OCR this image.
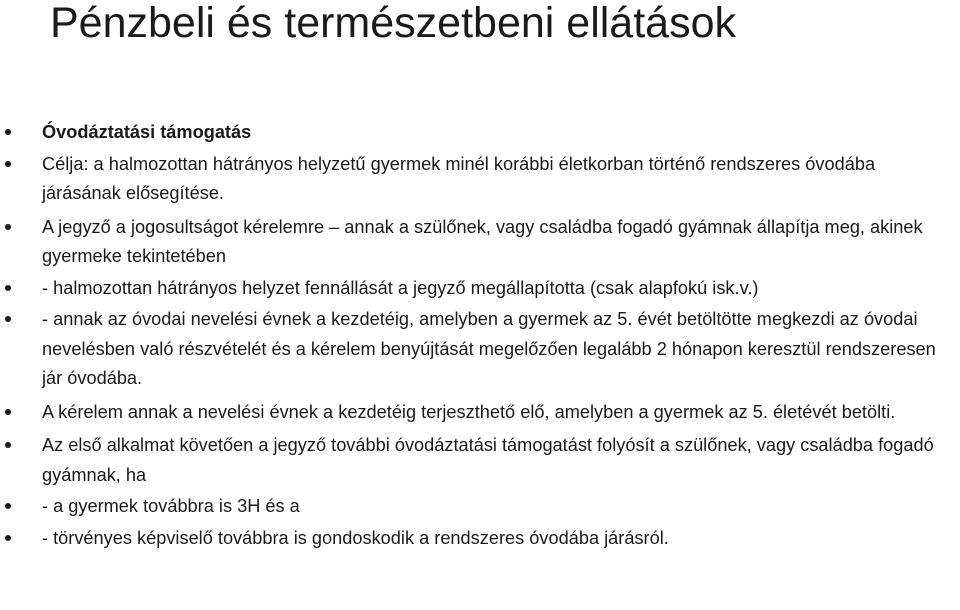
Pénzbeli és természetbeni ellátások
Óvodáztatási támogatás
Célja: a halmozottan hátrányos helyzetű gyermek minél korábbi életkorban történő rendszeres óvodába járásának elősegítése.
A jegyző a jogosultságot kérelemre – annak a szülőnek, vagy családba fogadó gyámnak állapítja meg, akinek gyermeke tekintetében
- halmozottan hátrányos helyzet fennállását a jegyző megállapította (csak alapfokú isk.v.)
- annak az óvodai nevelési évnek a kezdetéig, amelyben a gyermek az 5. évét betöltötte megkezdi az óvodai nevelésben való részvételét és a kérelem benyújtását megelőzően legalább 2 hónapon keresztül rendszeresen jár óvodába.
A kérelem annak a nevelési évnek a kezdetéig terjeszthető elő, amelyben a gyermek az 5. életévét betölti.
Az első alkalmat követően a jegyző további óvodáztatási támogatást folyósít a szülőnek, vagy családba fogadó gyámnak, ha
- a gyermek továbbra is 3H és a
- törvényes képviselő továbbra is gondoskodik a rendszeres óvodába járásról.
